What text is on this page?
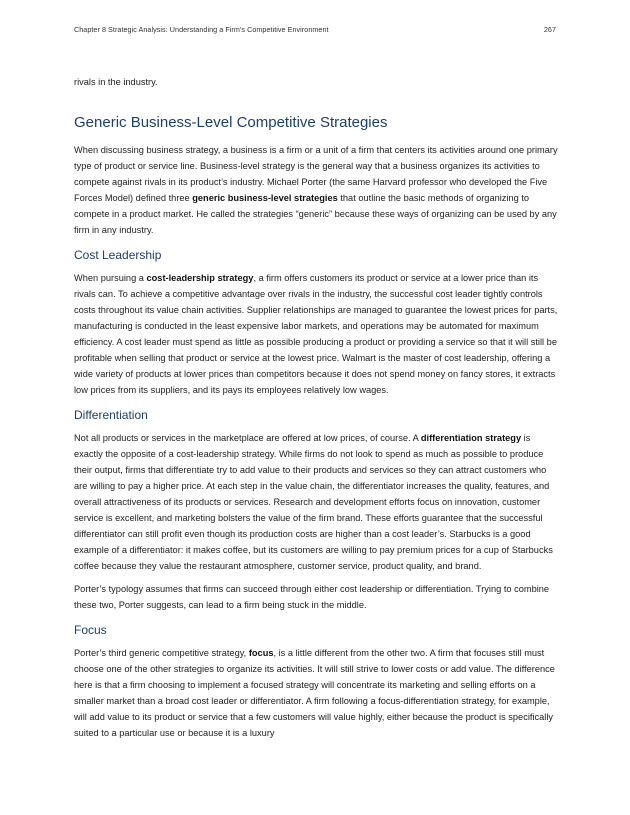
Chapter 8 Strategic Analysis: Understanding a Firm’s Competitive Environment	267

rivals in the industry.

Generic Business-Level Competitive Strategies

When discussing business strategy, a business is a firm or a unit of a firm that centers its activities around one primary type of product or service line. Business-level strategy is the general way that a business organizes its activities to compete against rivals in its product’s industry. Michael Porter (the same Harvard professor who developed the Five Forces Model) defined three generic business-level strategies that outline the basic methods of organizing to compete in a product market. He called the strategies “generic” because these ways of organizing can be used by any firm in any industry.

Cost Leadership

When pursuing a cost-leadership strategy, a firm offers customers its product or service at a lower price than its rivals can. To achieve a competitive advantage over rivals in the industry, the successful cost leader tightly controls costs throughout its value chain activities. Supplier relationships are managed to guarantee the lowest prices for parts, manufacturing is conducted in the least expensive labor markets, and operations may be automated for maximum efficiency. A cost leader must spend as little as possible producing a product or providing a service so that it will still be profitable when selling that product or service at the lowest price. Walmart is the master of cost leadership, offering a wide variety of products at lower prices than competitors because it does not spend money on fancy stores, it extracts low prices from its suppliers, and its pays its employees relatively low wages.

Differentiation

Not all products or services in the marketplace are offered at low prices, of course. A differentiation strategy is exactly the opposite of a cost-leadership strategy. While firms do not look to spend as much as possible to produce their output, firms that differentiate try to add value to their products and services so they can attract customers who are willing to pay a higher price. At each step in the value chain, the differentiator increases the quality, features, and overall attractiveness of its products or services. Research and development efforts focus on innovation, customer service is excellent, and marketing bolsters the value of the firm brand. These efforts guarantee that the successful differentiator can still profit even though its production costs are higher than a cost leader’s. Starbucks is a good example of a differentiator: it makes coffee, but its customers are willing to pay premium prices for a cup of Starbucks coffee because they value the restaurant atmosphere, customer service, product quality, and brand.

Porter’s typology assumes that firms can succeed through either cost leadership or differentiation. Trying to combine these two, Porter suggests, can lead to a firm being stuck in the middle.

Focus

Porter’s third generic competitive strategy, focus, is a little different from the other two. A firm that focuses still must choose one of the other strategies to organize its activities. It will still strive to lower costs or add value. The difference here is that a firm choosing to implement a focused strategy will concentrate its marketing and selling efforts on a smaller market than a broad cost leader or differentiator. A firm following a focus-differentiation strategy, for example, will add value to its product or service that a few customers will value highly, either because the product is specifically suited to a particular use or because it is a luxury
